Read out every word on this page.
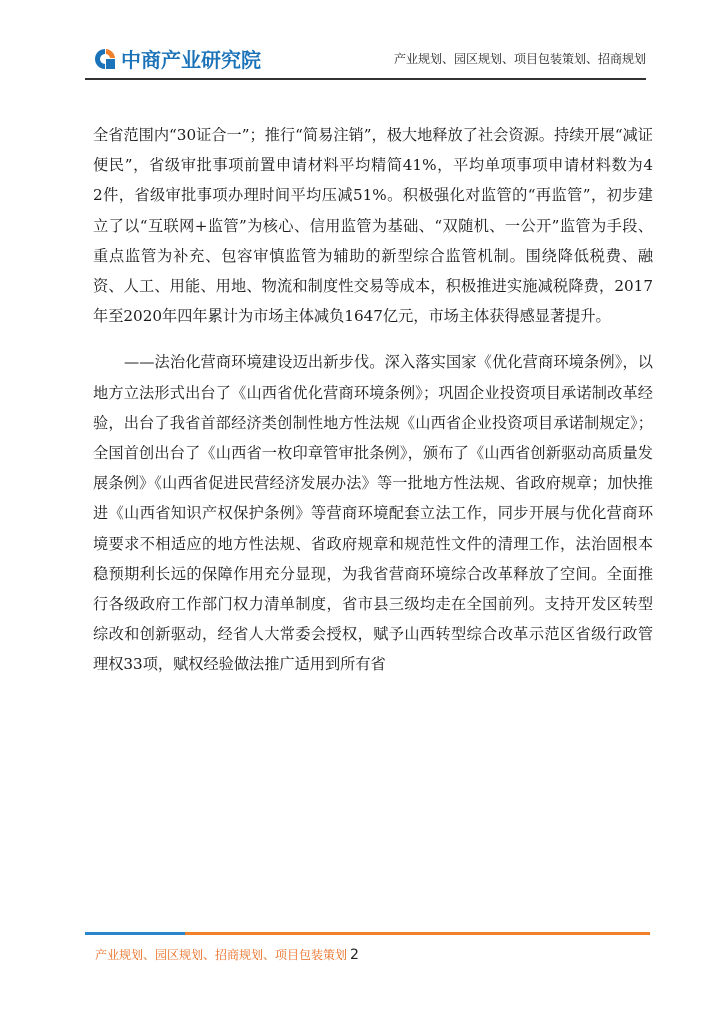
中商产业研究院	产业规划、园区规划、项目包装策划、招商规划

全省范围内“30证合一”；推行“简易注销”，极大地释放了社会资源。持续开展“减证便民”，省级审批事项前置申请材料平均精简41%，平均单项事项申请材料数为4　2件，省级审批事项办理时间平均压减51%。积极强化对监管的“再监管”，初步建立了以“互联网+监管”为核心、信用监管为基础、“双随机、一公开”监管为手段、重点监管为补充、包容审慎监管为辅助的新型综合监管机制。围绕降低税费、融资、人工、用能、用地、物流和制度性交易等成本，积极推进实施减税降费，2017年至2020年四年累计为市场主体减负1647亿元，市场主体获得感显著提升。

——法治化营商环境建设迈出新步伐。深入落实国家《优化营商环境条例》，以地方立法形式出台了《山西省优化营商环境条例》；巩固企业投资项目承诺制改革经验，出台了我省首部经济类创制性地方性法规《山西省企业投资项目承诺制规定》；全国首创出台了《山西省一枚印章管审批条例》，颁布了《山西省创新驱动高质量发展条例》《山西省促进民营经济发展办法》等一批地方性法规、省政府规章；加快推进《山西省知识产权保护条例》等营商环境配套立法工作，同步开展与优化营商环境要求不相适应的地方性法规、省政府规章和规范性文件的清理工作，法治固根本稳预期利长远的保障作用充分显现，为我省营商环境综合改革释放了空间。全面推行各级政府工作部门权力清单制度，省市县三级均走在全国前列。支持开发区转型综改和创新驱动，经省人大常委会授权，赋予山西转型综合改革示范区省级行政管理权33项，赋权经验做法推广适用到所有省

产业规划、园区规划、招商规划、项目包装策划 2
